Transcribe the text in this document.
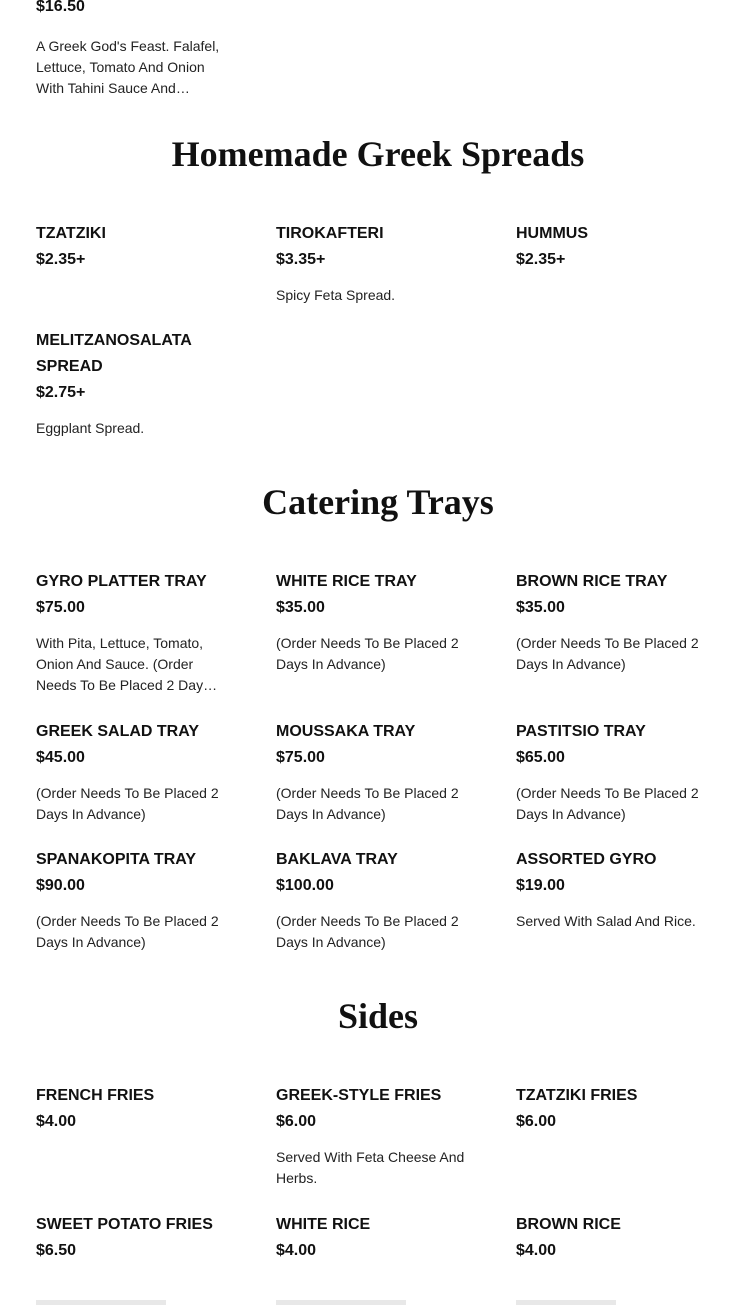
$16.50
A Greek God's Feast. Falafel, Lettuce, Tomato And Onion With Tahini Sauce And…
Homemade Greek Spreads
TZATZIKI
$2.35+
TIROKAFTERI
$3.35+
Spicy Feta Spread.
HUMMUS
$2.35+
MELITZANOSALATA SPREAD
$2.75+
Eggplant Spread.
Catering Trays
GYRO PLATTER TRAY
$75.00
With Pita, Lettuce, Tomato, Onion And Sauce. (Order Needs To Be Placed 2 Day…
WHITE RICE TRAY
$35.00
(Order Needs To Be Placed 2 Days In Advance)
BROWN RICE TRAY
$35.00
(Order Needs To Be Placed 2 Days In Advance)
GREEK SALAD TRAY
$45.00
(Order Needs To Be Placed 2 Days In Advance)
MOUSSAKA TRAY
$75.00
(Order Needs To Be Placed 2 Days In Advance)
PASTITSIO TRAY
$65.00
(Order Needs To Be Placed 2 Days In Advance)
SPANAKOPITA TRAY
$90.00
(Order Needs To Be Placed 2 Days In Advance)
BAKLAVA TRAY
$100.00
(Order Needs To Be Placed 2 Days In Advance)
ASSORTED GYRO
$19.00
Served With Salad And Rice.
Sides
FRENCH FRIES
$4.00
GREEK-STYLE FRIES
$6.00
Served With Feta Cheese And Herbs.
TZATZIKI FRIES
$6.00
SWEET POTATO FRIES
$6.50
WHITE RICE
$4.00
BROWN RICE
$4.00
